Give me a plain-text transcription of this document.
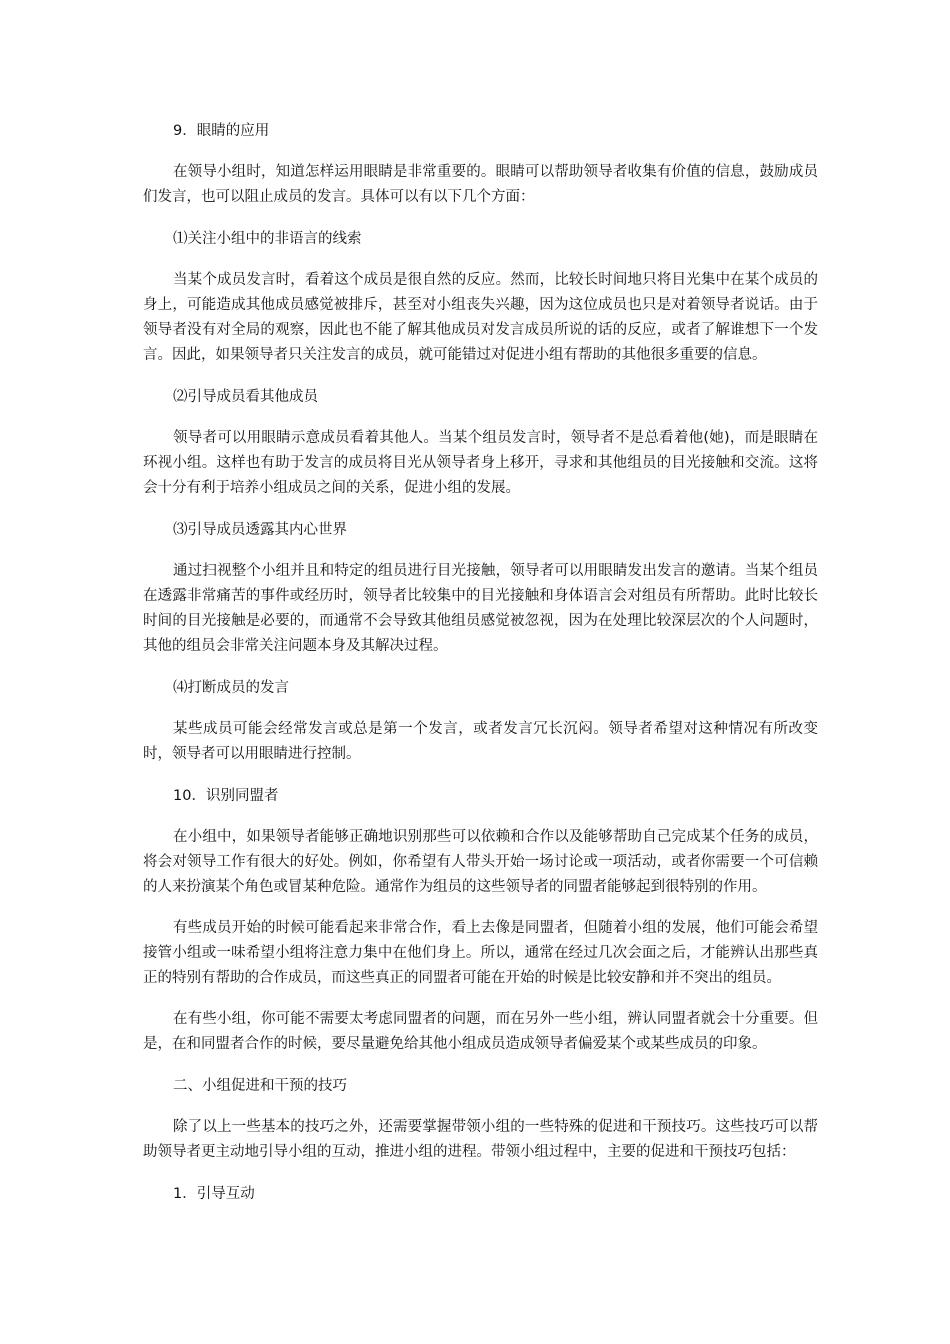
9．眼睛的应用
在领导小组时，知道怎样运用眼睛是非常重要的。眼睛可以帮助领导者收集有价值的信息，鼓励成员们发言，也可以阻止成员的发言。具体可以有以下几个方面：
⑴关注小组中的非语言的线索
当某个成员发言时，看着这个成员是很自然的反应。然而，比较长时间地只将目光集中在某个成员的身上，可能造成其他成员感觉被排斥，甚至对小组丧失兴趣，因为这位成员也只是对着领导者说话。由于领导者没有对全局的观察，因此也不能了解其他成员对发言成员所说的话的反应，或者了解谁想下一个发言。因此，如果领导者只关注发言的成员，就可能错过对促进小组有帮助的其他很多重要的信息。
⑵引导成员看其他成员
领导者可以用眼睛示意成员看着其他人。当某个组员发言时，领导者不是总看着他(她)，而是眼睛在环视小组。这样也有助于发言的成员将目光从领导者身上移开，寻求和其他组员的目光接触和交流。这将会十分有利于培养小组成员之间的关系，促进小组的发展。
⑶引导成员透露其内心世界
通过扫视整个小组并且和特定的组员进行目光接触，领导者可以用眼睛发出发言的邀请。当某个组员在透露非常痛苦的事件或经历时，领导者比较集中的目光接触和身体语言会对组员有所帮助。此时比较长时间的目光接触是必要的，而通常不会导致其他组员感觉被忽视，因为在处理比较深层次的个人问题时，其他的组员会非常关注问题本身及其解决过程。
⑷打断成员的发言
某些成员可能会经常发言或总是第一个发言，或者发言冗长沉闷。领导者希望对这种情况有所改变时，领导者可以用眼睛进行控制。
10．识别同盟者
在小组中，如果领导者能够正确地识别那些可以依赖和合作以及能够帮助自己完成某个任务的成员，将会对领导工作有很大的好处。例如，你希望有人带头开始一场讨论或一项活动，或者你需要一个可信赖的人来扮演某个角色或冒某种危险。通常作为组员的这些领导者的同盟者能够起到很特别的作用。
有些成员开始的时候可能看起来非常合作，看上去像是同盟者，但随着小组的发展，他们可能会希望接管小组或一味希望小组将注意力集中在他们身上。所以，通常在经过几次会面之后，才能辨认出那些真正的特别有帮助的合作成员，而这些真正的同盟者可能在开始的时候是比较安静和并不突出的组员。
在有些小组，你可能不需要太考虑同盟者的问题，而在另外一些小组，辨认同盟者就会十分重要。但是，在和同盟者合作的时候，要尽量避免给其他小组成员造成领导者偏爱某个或某些成员的印象。
二、小组促进和干预的技巧
除了以上一些基本的技巧之外，还需要掌握带领小组的一些特殊的促进和干预技巧。这些技巧可以帮助领导者更主动地引导小组的互动，推进小组的进程。带领小组过程中，主要的促进和干预技巧包括：
1．引导互动
